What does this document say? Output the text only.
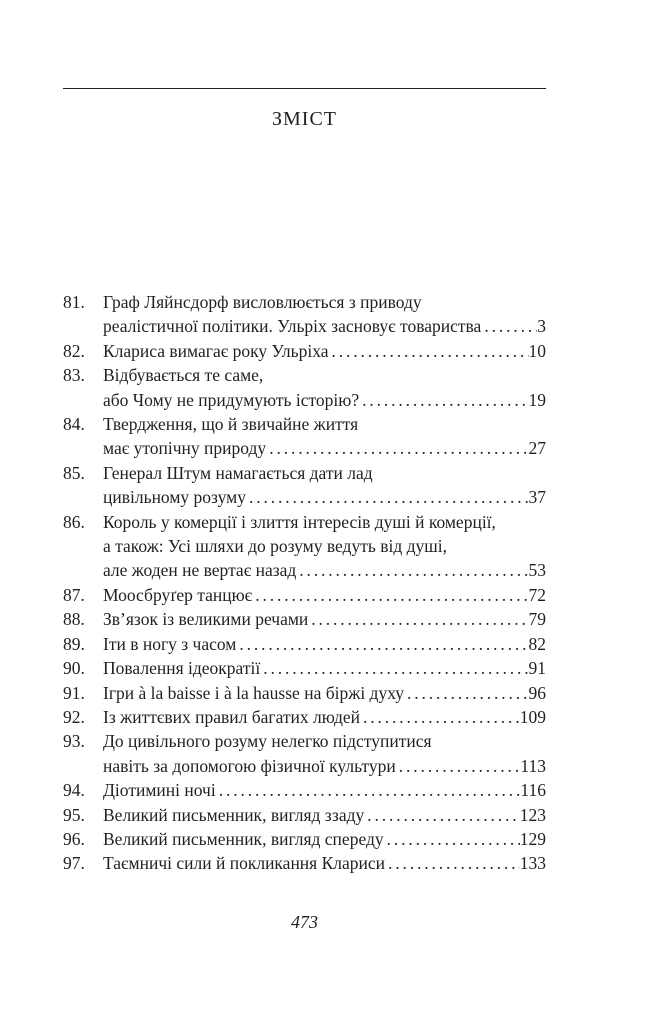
ЗМІСТ
81.	Граф Ляйнсдорф висловлюється з приводу
реалістичної політики. Ульріх засновує товариства . . .	3
82.	Клариса вимагає року Ульріха . . .	10
83.	Відбувається те саме,
або Чому не придумують історію? . . .	19
84.	Твердження, що й звичайне життя
має утопічну природу . . .	27
85.	Генерал Штум намагається дати лад
цивільному розуму . . .	37
86.	Король у комерції і злиття інтересів душі й комерції,
а також: Усі шляхи до розуму ведуть від душі,
але жоден не вертає назад . . .	53
87.	Моосбруґер танцює . . .	72
88.	Зв’язок із великими речами . . .	79
89.	Іти в ногу з часом . . .	82
90.	Повалення ідеократії . . .	91
91.	Ігри à la baisse і à la hausse на біржі духу . . .	96
92.	Із життєвих правил багатих людей . . .	109
93.	До цивільного розуму нелегко підступитися
навіть за допомогою фізичної культури . . .	113
94.	Діотимині ночі . . .	116
95.	Великий письменник, вигляд ззаду . . .	123
96.	Великий письменник, вигляд спереду . . .	129
97.	Таємничі сили й покликання Клариси . . .	133
473
